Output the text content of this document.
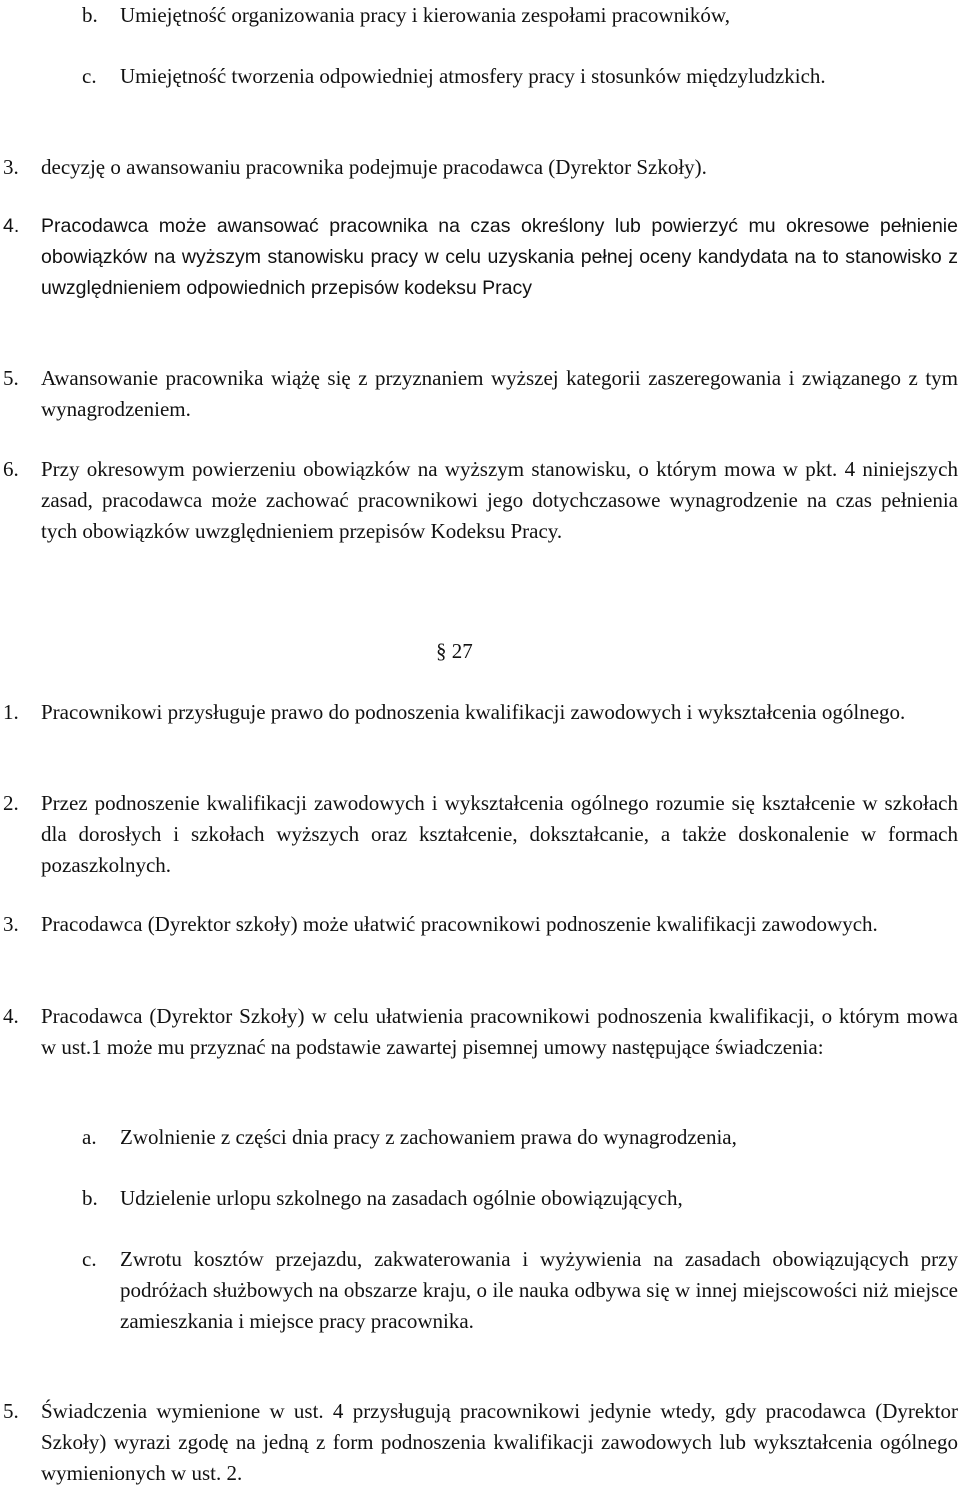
b. Umiejętność organizowania pracy i kierowania zespołami pracowników,
c. Umiejętność tworzenia odpowiedniej atmosfery pracy i stosunków międzyludzkich.
3. decyzję o awansowaniu pracownika podejmuje pracodawca (Dyrektor Szkoły).
4. Pracodawca może awansować pracownika na czas określony lub powierzyć mu okresowe pełnienie obowiązków na wyższym stanowisku pracy w celu uzyskania pełnej oceny kandydata na to stanowisko z uwzględnieniem odpowiednich przepisów kodeksu Pracy
5. Awansowanie pracownika wiążę się z przyznaniem wyższej kategorii zaszeregowania i związanego z tym wynagrodzeniem.
6. Przy okresowym powierzeniu obowiązków na wyższym stanowisku, o którym mowa w pkt. 4 niniejszych zasad, pracodawca może zachować pracownikowi jego dotychczasowe wynagrodzenie na czas pełnienia tych obowiązków uwzględnieniem przepisów Kodeksu Pracy.
§ 27
1. Pracownikowi przysługuje prawo do podnoszenia kwalifikacji zawodowych i wykształcenia ogólnego.
2. Przez podnoszenie kwalifikacji zawodowych i wykształcenia ogólnego rozumie się kształcenie w szkołach dla dorosłych i szkołach wyższych oraz kształcenie, dokształcanie, a także doskonalenie w formach pozaszkolnych.
3. Pracodawca (Dyrektor szkoły) może ułatwić pracownikowi podnoszenie kwalifikacji zawodowych.
4. Pracodawca (Dyrektor Szkoły) w celu ułatwienia pracownikowi podnoszenia kwalifikacji, o którym mowa w ust.1 może mu przyznać na podstawie zawartej pisemnej umowy następujące świadczenia:
a. Zwolnienie z części dnia pracy z zachowaniem prawa do wynagrodzenia,
b. Udzielenie urlopu szkolnego na zasadach ogólnie obowiązujących,
c. Zwrotu kosztów przejazdu, zakwaterowania i wyżywienia na zasadach obowiązujących przy podróżach służbowych na obszarze kraju, o ile nauka odbywa się w innej miejscowości niż miejsce zamieszkania i miejsce pracy pracownika.
5. Świadczenia wymienione w ust. 4 przysługują pracownikowi jedynie wtedy, gdy pracodawca (Dyrektor Szkoły) wyrazi zgodę na jedną z form podnoszenia kwalifikacji zawodowych lub wykształcenia ogólnego wymienionych w ust. 2.
